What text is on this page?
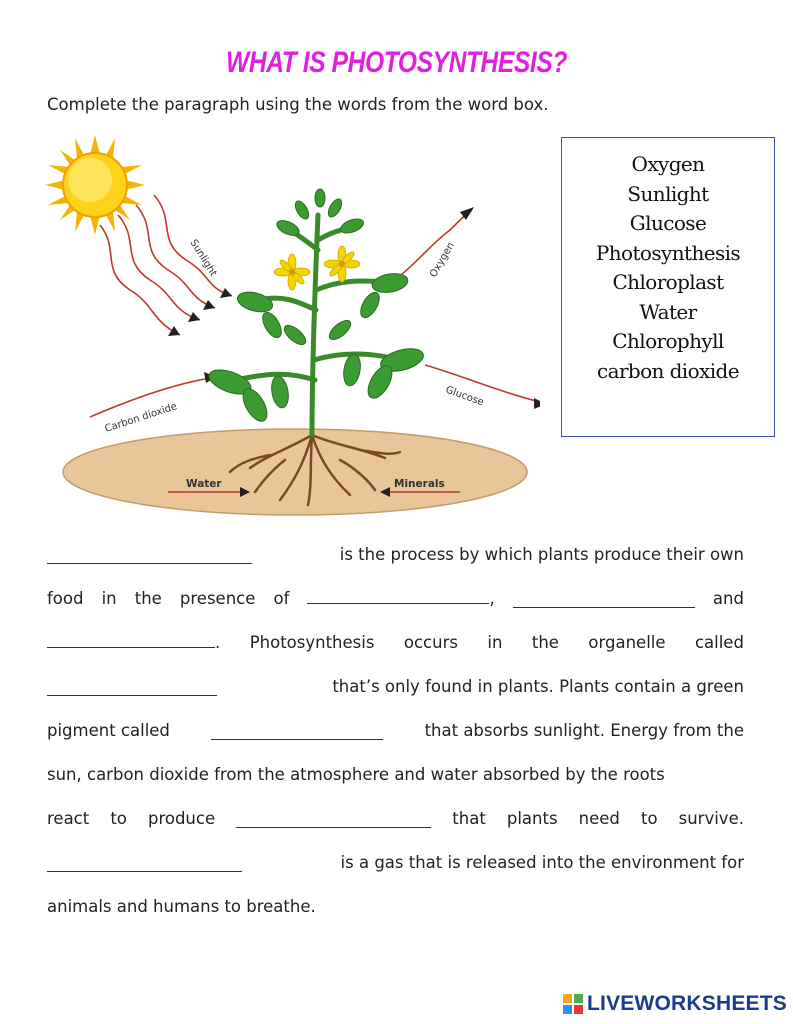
WHAT IS PHOTOSYNTHESIS?
Complete the paragraph using the words from the word box.
Sunlight	Oxygen
Carbon dioxide
Glucose
Water	Minerals
Oxygen
Sunlight
Glucose
Photosynthesis
Chloroplast
Water
Chlorophyll
carbon dioxide
is the process by which plants produce their own
food in the presence of	,	and
. Photosynthesis occurs in the organelle called
that’s only found in plants. Plants contain a green
pigment called	that absorbs sunlight. Energy from the
sun, carbon dioxide from the atmosphere and water absorbed by the roots
react to produce	that plants need to survive.
is a gas that is released into the environment for
animals and humans to breathe.
LIVEWORKSHEETS
